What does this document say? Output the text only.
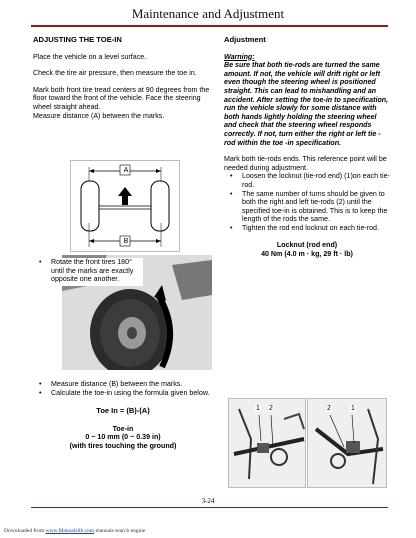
Maintenance and Adjustment
ADJUSTING THE TOE-IN
Place the vehicle on a level surface.
Check the tire air pressure, then measure the toe in.
Mark both front tire tread centers at 90 degrees from the floor toward the front of the vehicle. Face the steering wheel straight ahead.
Measure distance (A) between the marks.
A
B
• Rotate the front tires 180° until the marks are exactly opposite one another.
• Measure distance (B) between the marks.
• Calculate the toe-in using the formula given below.
Toe In = (B)-(A)
Toe-in
0 ~ 10 mm (0 ~ 0.39 in)
(with tires touching the ground)
Adjustment
Warning:
Be sure that both tie-rods are turned the same amount. If not, the vehicle will drift right or left even though the steering wheel is positioned straight. This can lead to mishandling and an accident. After setting the toe-in to specification, run the vehicle slowly for some distance with both hands lightly holding the steering wheel and check that the steering wheel responds correctly. If not, turn either the right or left tie -rod within the toe -in specification.
Mark both tie-rods ends. This reference point will be needed during adjustment.
• Loosen the locknut (tie-rod end) (1)on each tie-rod.
• The same number of turns should be given to both the right and left tie-rods (2) until the specified toe-in is obtained. This is to keep the length of the rods the same.
• Tighten the rod end locknut on each tie-rod.
Locknut (rod end)
40 Nm (4.0 m · kg, 29 ft · lb)
1 2	2	1
3-24
Downloaded from www.Manualslib.com manuals search engine
